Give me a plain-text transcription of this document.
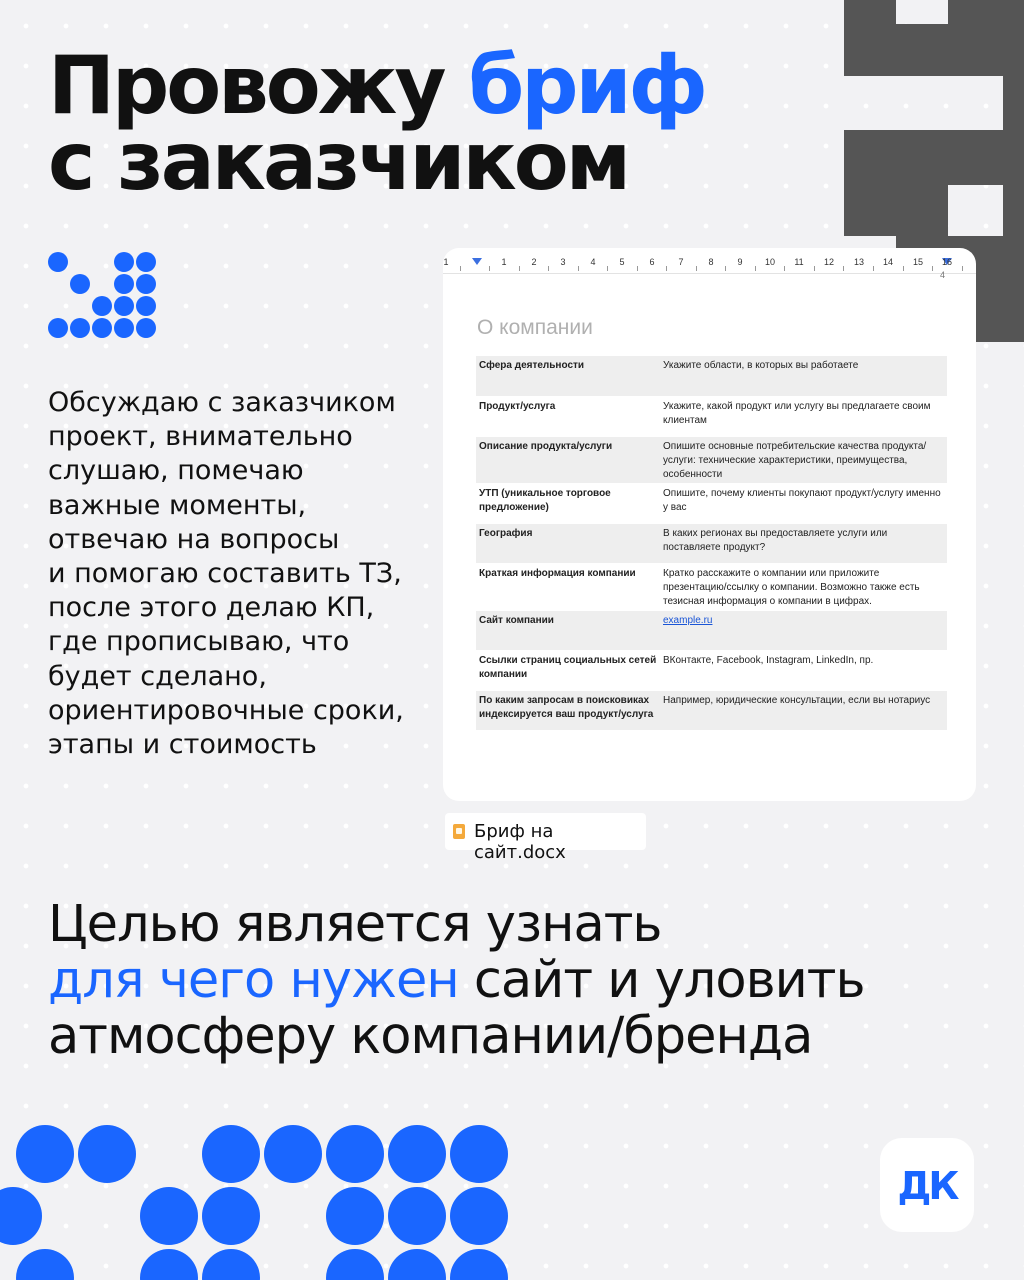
Провожу бриф
с заказчиком
Обсуждаю с заказчиком
проект, внимательно
слушаю, помечаю
важные моменты,
отвечаю на вопросы
и помогаю составить ТЗ,
после этого делаю КП,
где прописываю, что
будет сделано,
ориентировочные сроки,
этапы и стоимость
1	1	2	3	4	5	6	7	8	9 10 11 12 13 14 15 16
4
О компании
Сфера деятельности	Укажите области, в которых вы работаете
Продукт/услуга	Укажите, какой продукт или услугу вы предлагаете своим клиентам
Описание продукта/услуги	Опишите основные потребительские качества продукта/услуги: технические характеристики, преимущества, особенности
УТП (уникальное торговое предложение)	Опишите, почему клиенты покупают продукт/услугу именно у вас
География	В каких регионах вы предоставляете услуги или поставляете продукт?
Краткая информация компании	Кратко расскажите о компании или приложите презентацию/ссылку о компании. Возможно также есть тезисная информация о компании в цифрах.
Сайт компании	example.ru
Ссылки страниц социальных сетей компании	ВКонтакте, Facebook, Instagram, LinkedIn, пр.
По каким запросам в поисковиках индексируется ваш продукт/услуга	Например, юридические консультации, если вы нотариус
Бриф на сайт.docx
Целью является узнать
для чего нужен сайт и уловить
атмосферу компании/бренда
ДК
